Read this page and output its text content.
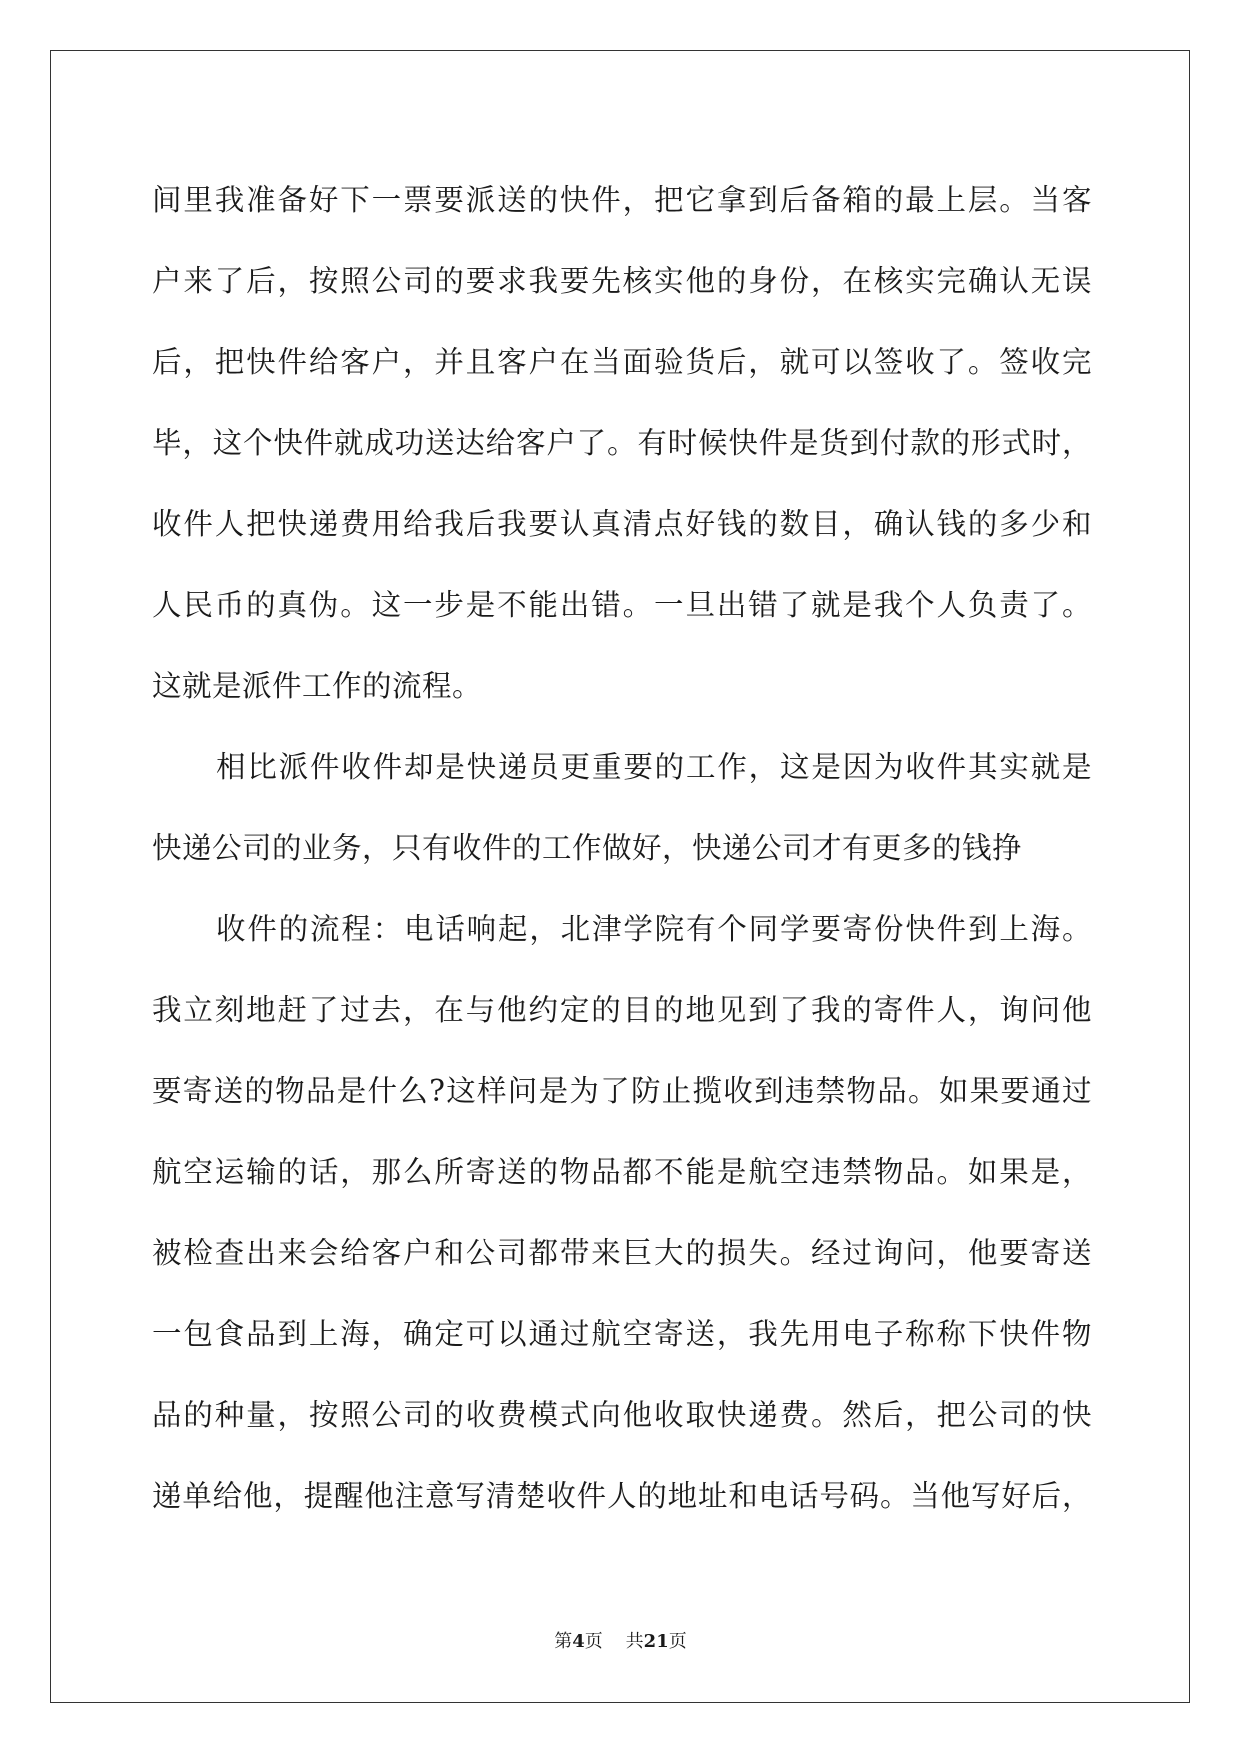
间里我准备好下一票要派送的快件，把它拿到后备箱的最上层。当客
户来了后，按照公司的要求我要先核实他的身份，在核实完确认无误
后，把快件给客户，并且客户在当面验货后，就可以签收了。签收完
毕，这个快件就成功送达给客户了。有时候快件是货到付款的形式时，
收件人把快递费用给我后我要认真清点好钱的数目，确认钱的多少和
人民币的真伪。这一步是不能出错。一旦出错了就是我个人负责了。
这就是派件工作的流程。
相比派件收件却是快递员更重要的工作，这是因为收件其实就是
快递公司的业务，只有收件的工作做好，快递公司才有更多的钱挣
收件的流程：电话响起，北津学院有个同学要寄份快件到上海。
我立刻地赶了过去，在与他约定的目的地见到了我的寄件人，询问他
要寄送的物品是什么?这样问是为了防止揽收到违禁物品。如果要通过
航空运输的话，那么所寄送的物品都不能是航空违禁物品。如果是，
被检查出来会给客户和公司都带来巨大的损失。经过询问，他要寄送
一包食品到上海，确定可以通过航空寄送，我先用电子称称下快件物
品的种量，按照公司的收费模式向他收取快递费。然后，把公司的快
递单给他，提醒他注意写清楚收件人的地址和电话号码。当他写好后，
第4页 共21页
